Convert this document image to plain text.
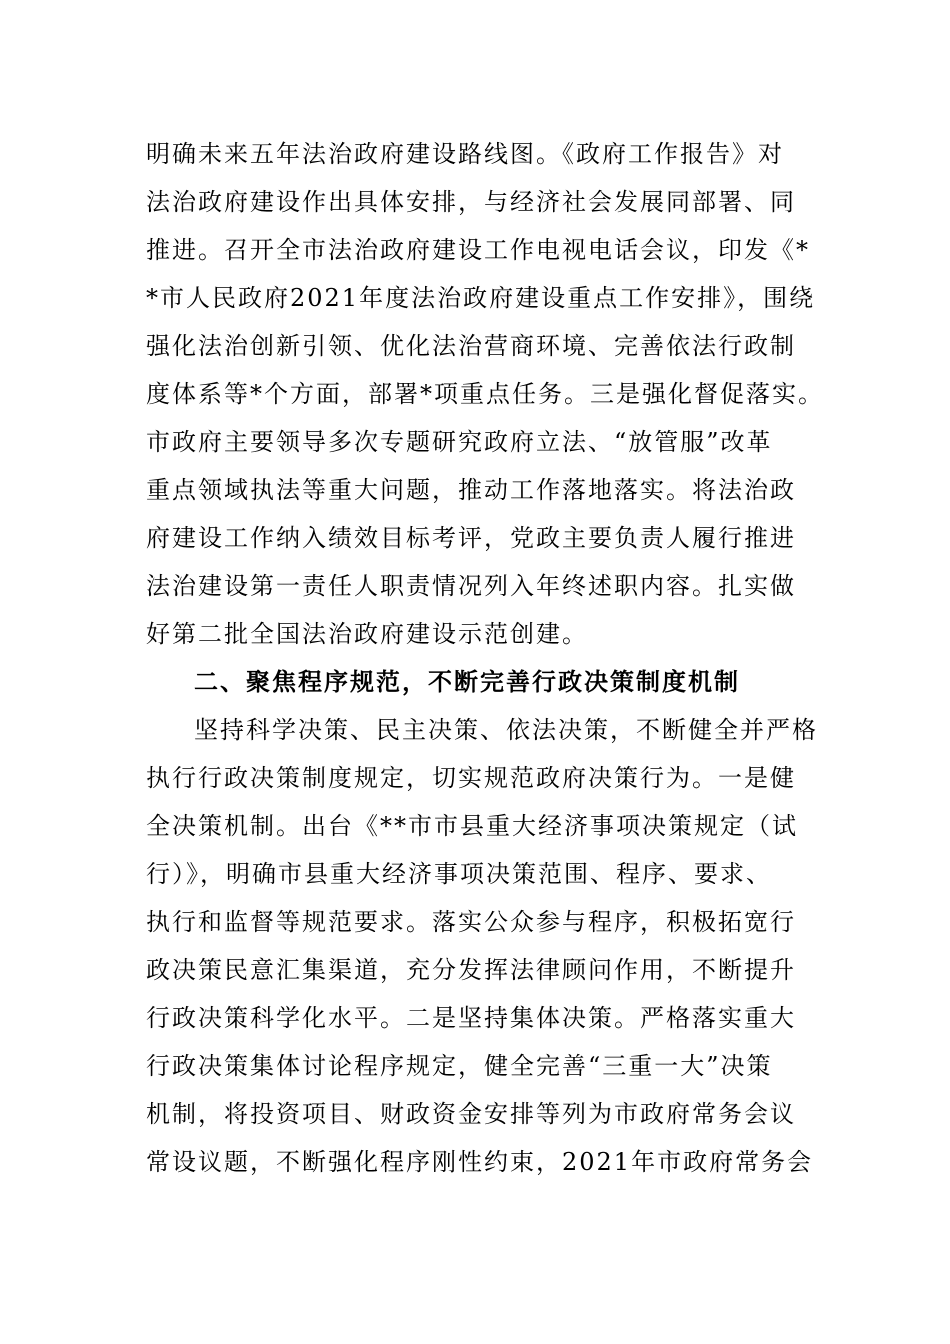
明确未来五年法治政府建设路线图。《政府工作报告》对
法治政府建设作出具体安排，与经济社会发展同部署、同
推进。召开全市法治政府建设工作电视电话会议，印发《*
*市人民政府2021年度法治政府建设重点工作安排》，围绕
强化法治创新引领、优化法治营商环境、完善依法行政制
度体系等*个方面，部署*项重点任务。三是强化督促落实。
市政府主要领导多次专题研究政府立法、“放管服”改革
重点领域执法等重大问题，推动工作落地落实。将法治政
府建设工作纳入绩效目标考评，党政主要负责人履行推进
法治建设第一责任人职责情况列入年终述职内容。扎实做
好第二批全国法治政府建设示范创建。
二、聚焦程序规范，不断完善行政决策制度机制
坚持科学决策、民主决策、依法决策，不断健全并严格
执行行政决策制度规定，切实规范政府决策行为。一是健
全决策机制。出台《**市市县重大经济事项决策规定（试
行）》，明确市县重大经济事项决策范围、程序、要求、
执行和监督等规范要求。落实公众参与程序，积极拓宽行
政决策民意汇集渠道，充分发挥法律顾问作用，不断提升
行政决策科学化水平。二是坚持集体决策。严格落实重大
行政决策集体讨论程序规定，健全完善“三重一大”决策
机制，将投资项目、财政资金安排等列为市政府常务会议
常设议题，不断强化程序刚性约束，2021年市政府常务会
